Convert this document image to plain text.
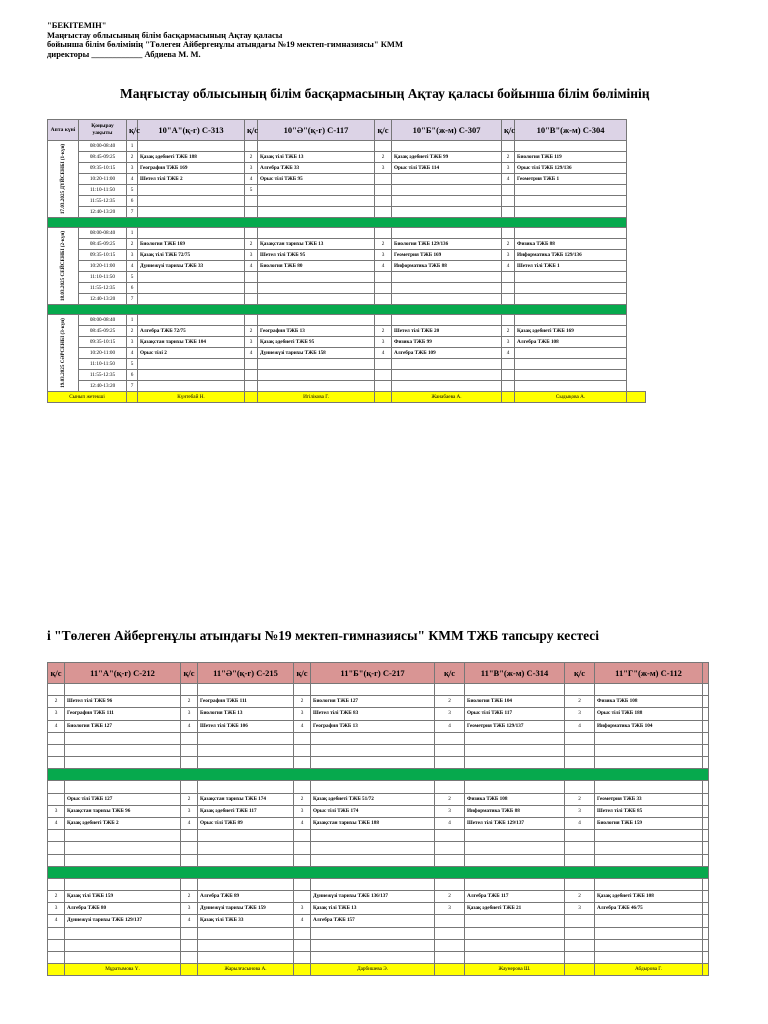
"БЕКІТЕМІН"
Маңғыстау облысының білім басқармасының Ақтау қаласы
бойынша білім бөлімінің "Төлеген Айбергенұлы атындағы №19 мектеп-гимназиясы" КММ
директоры ____________ Абдиева М. М.
Маңғыстау облысының білім басқармасының Ақтау қаласы бойынша білім бөлімінің
Апта күні	Қоңырау уақыты	қ/с	10"А"(қ-г) С-313	қ/с	10"Ә"(қ-г) С-117	қ/с	10"Б"(ж-м) С-307	қ/с	10"В"(ж-м) С-304	

17.03.2025 ДҮЙСЕНБІ (1-күн)	08:00-08:40	1								
	08:45-09:25	2	Қазақ әдебиеті ТЖБ 188	2	Қазақ тілі ТЖБ 13	2	Қазақ әдебиеті ТЖБ 99	2	Биология ТЖБ 119	
	09:35-10:15	3	География ТЖБ 169	3	Алгебра ТЖБ 33	3	Орыс тілі ТЖБ 114	3	Орыс тілі ТЖБ 129/136	
	10:20-11:00	4	Шетел тілі ТЖБ 2	4	Орыс тілі ТЖБ 95			4	Геометрия ТЖБ 1	
	11:10-11:50	5		5						
	11:55-12:35	6								
	12:40-13:20	7								

18.03.2025 СЕЙСЕНБІ (2-күн)	08:00-08:40	1								
	08:45-09:25	2	Биология ТЖБ 169	2	Қазақстан тарихы ТЖБ 13	2	Биология ТЖБ 129/136	2	Физика ТЖБ 88	
	09:35-10:15	3	Қазақ тілі ТЖБ 72/75	3	Шетел тілі ТЖБ 95	3	Геометрия ТЖБ 169	3	Информатика ТЖБ 129/136	
	10:20-11:00	4	Дүниежүзі тарихы ТЖБ 33	4	Биология ТЖБ 80	4	Информатика ТЖБ 88	4	Шетел тілі ТЖБ 1	
	11:10-11:50	5								
	11:55-12:35	6								
	12:40-13:20	7								

19.03.2025 СӘРСЕНБІ (3-күн)	08:00-08:40	1								
	08:45-09:25	2	Алгебра ТЖБ 72/75	2	География ТЖБ 13	2	Шетел тілі ТЖБ 20	2	Қазақ әдебиеті ТЖБ 169	
	09:35-10:15	3	Қазақстан тарихы ТЖБ 104	3	Қазақ әдебиеті ТЖБ 95	3	Физика ТЖБ 99	3	Алгебра ТЖБ 108	
	10:20-11:00	4	Орыс тілі 2	4	Дүниежүзі тарихы ТЖБ 158	4	Алгебра ТЖБ 109	4		
	11:10-11:50	5								
	11:55-12:35	6								
	12:40-13:20	7								
Сынып жетекші			Күнтебай Н.		Игілікова Г.		Жанабаева А.		Сыдықова А.	
і "Төлеген Айбергенұлы атындағы №19 мектеп-гимназиясы" КММ ТЖБ тапсыру кестесі
қ/с	11"А"(қ-г) С-212	қ/с	11"Ә"(қ-г) С-215	қ/с	11"Б"(қ-г) С-217	қ/с	11"В"(ж-м) С-314	қ/с	11"Г"(ж-м) С-112	

2	Шетел тілі ТЖБ 96	2	География ТЖБ 111	2	Биология ТЖБ 127	2	Биология ТЖБ 104	2	Физика ТЖБ 108	
3	География ТЖБ 111	3	Биология ТЖБ 13	3	Шетел тілі ТЖБ 83	3	Орыс тілі ТЖБ 117	3	Орыс тілі ТЖБ 188	
4	Биология ТЖБ 127	4	Шетел тілі ТЖБ 106	4	География ТЖБ 13	4	Геометрия ТЖБ 129/137	4	Информатика ТЖБ 104	

	Орыс тілі ТЖБ 127	2	Қазақстан тарихы ТЖБ 174	2	Қазақ әдебиеті ТЖБ 51/72	2	Физика ТЖБ 108	2	Геометрия ТЖБ 33	
3	Қазақстан тарихы ТЖБ 96	3	Қазақ әдебиеті ТЖБ 117	3	Орыс тілі ТЖБ 174	3	Информатика ТЖБ 88	3	Шетел тілі ТЖБ 85	
4	Қазақ әдебиеті ТЖБ 2	4	Орыс тілі ТЖБ 89	4	Қазақстан тарихы ТЖБ 188	4	Шетел тілі ТЖБ 129/137	4	Биология ТЖБ 159	

2	Қазақ тілі ТЖБ 159	2	Алгебра ТЖБ 89		Дүниежүзі тарихы ТЖБ 136/137	2	Алгебра ТЖБ 117	2	Қазақ әдебиеті ТЖБ 108	
3	Алгебра ТЖБ 80	3	Дүниежүзі тарихы ТЖБ 159	3	Қазақ тілі ТЖБ 13	3	Қазақ әдебиеті ТЖБ 21	3	Алгебра ТЖБ 46/75	
4	Дүниежүзі тарихы ТЖБ 129/137	4	Қазақ тілі ТЖБ 33	4	Алгебра ТЖБ 157					

	Мұратымова Ү.		Жарылғасынова А.		Дарбишева Э.		Жаунерова Ш.		Абдырова Г.	
